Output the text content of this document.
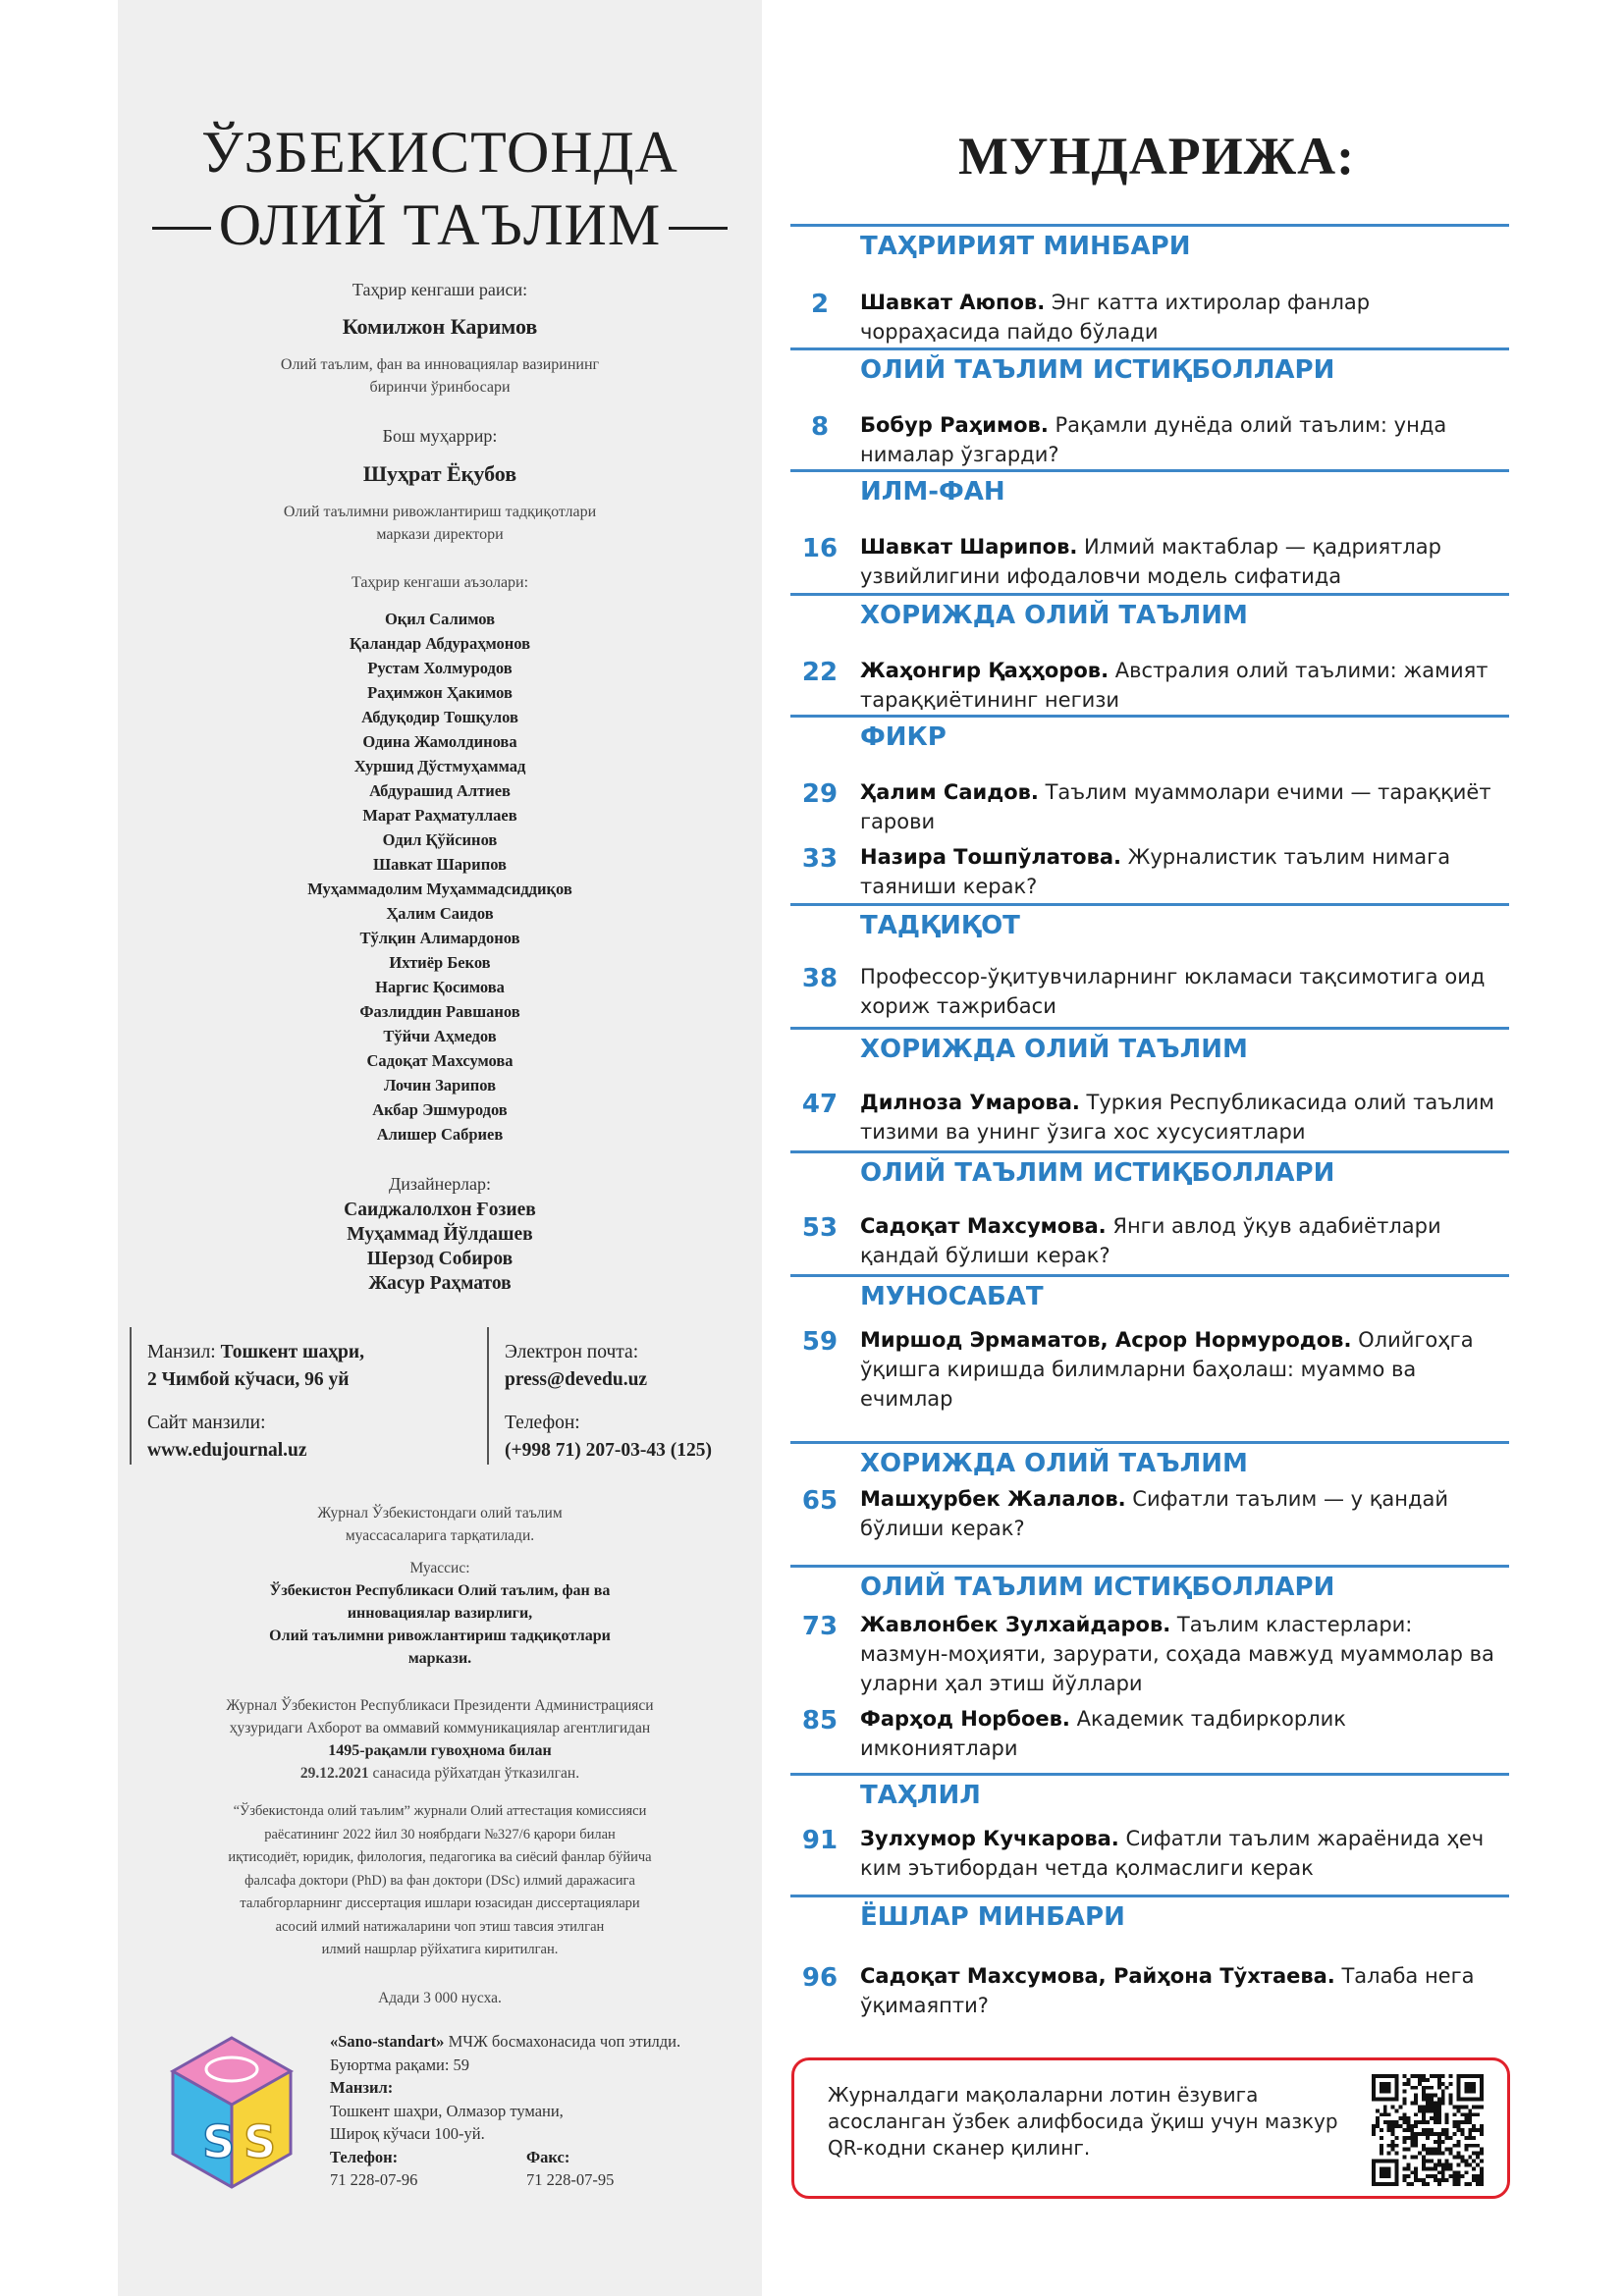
ЎЗБЕКИСТОНДА
ОЛИЙ ТАЪЛИМ
Таҳрир кенгаши раиси:
Комилжон Каримов
Олий таълим, фан ва инновациялар вазирининг
биринчи ўринбосари
Бош муҳаррир:
Шуҳрат Ёқубов
Олий таълимни ривожлантириш тадқиқотлари
маркази директори
Таҳрир кенгаши аъзолари:
Оқил Салимов
Қаландар Абдураҳмонов
Рустам Холмуродов
Раҳимжон Ҳакимов
Абдуқодир Тошқулов
Одина Жамолдинова
Хуршид Дўстмуҳаммад
Абдурашид Алтиев
Марат Раҳматуллаев
Одил Қўйсинов
Шавкат Шарипов
Муҳаммадолим Муҳаммадсиддиқов
Ҳалим Саидов
Тўлқин Алимардонов
Ихтиёр Беков
Наргис Қосимова
Фазлиддин Равшанов
Тўйчи Аҳмедов
Садоқат Махсумова
Лочин Зарипов
Акбар Эшмуродов
Алишер Сабриев
Дизайнерлар:
Саиджалолхон Ғозиев
Муҳаммад Йўлдашев
Шерзод Собиров
Жасур Раҳматов
Манзил: Тошкент шаҳри,
2 Чимбой кўчаси, 96 уй
Сайт манзили:
www.edujournal.uz
Электрон почта:
press@devedu.uz
Телефон:
(+998 71) 207-03-43 (125)
Журнал Ўзбекистондаги олий таълим
муассасаларига тарқатилади.
Муассис:
Ўзбекистон Республикаси Олий таълим, фан ва
инновациялар вазирлиги,
Олий таълимни ривожлантириш тадқиқотлари
маркази.
Журнал Ўзбекистон Республикаси Президенти Администрацияси
ҳузуридаги Ахборот ва оммавий коммуникациялар агентлигидан
1495-рақамли гувоҳнома билан
29.12.2021 санасида рўйхатдан ўтказилган.
“Ўзбекистонда олий таълим” журнали Олий аттестация комиссияси
раёсатининг 2022 йил 30 ноябрдаги №327/6 қарори билан
иқтисодиёт, юридик, филология, педагогика ва сиёсий фанлар бўйича
фалсафа доктори (PhD) ва фан доктори (DSc) илмий даражасига
талабгорларнинг диссертация ишлари юзасидан диссертациялари
асосий илмий натижаларини чоп этиш тавсия этилган
илмий нашрлар рўйхатига киритилган.
Адади 3 000 нусха.
S S
«Sano-standart» МЧЖ босмахонасида чоп этилди.
Буюртма рақами: 59
Манзил:
Тошкент шаҳри, Олмазор тумани,
Широқ кўчаси 100-уй.
Телефон:	Факс:
71 228-07-96	71 228-07-95
МУНДАРИЖА:
ТАҲРИРИЯТ МИНБАРИ
2	Шавкат Аюпов. Энг катта ихтиролар фанлар чорраҳасида пайдо бўлади
ОЛИЙ ТАЪЛИМ ИСТИҚБОЛЛАРИ
8	Бобур Раҳимов. Рақамли дунёда олий таълим: унда нималар ўзгарди?
ИЛМ-ФАН
16	Шавкат Шарипов. Илмий мактаблар — қадриятлар узвийлигини ифодаловчи модель сифатида
ХОРИЖДА ОЛИЙ ТАЪЛИМ
22	Жаҳонгир Қаҳҳоров. Австралия олий таълими: жамият тараққиётининг негизи
ФИКР
29	Ҳалим Саидов. Таълим муаммолари ечими — тараққиёт гарови
33	Назира Тошпўлатова. Журналистик таълим нимага таяниши керак?
ТАДҚИҚОТ
38	Профессор-ўқитувчиларнинг юкламаси тақсимотига оид хориж тажрибаси
ХОРИЖДА ОЛИЙ ТАЪЛИМ
47	Дилноза Умарова. Туркия Республикасида олий таълим тизими ва унинг ўзига хос хусусиятлари
ОЛИЙ ТАЪЛИМ ИСТИҚБОЛЛАРИ
53	Садоқат Махсумова. Янги авлод ўқув адабиётлари қандай бўлиши керак?
МУНОСАБАТ
59	Миршод Эрмаматов, Асрор Нормуродов. Олийгоҳга ўқишга киришда билимларни баҳолаш: муаммо ва ечимлар
ХОРИЖДА ОЛИЙ ТАЪЛИМ
65	Машҳурбек Жалалов. Сифатли таълим — у қандай бўлиши керак?
ОЛИЙ ТАЪЛИМ ИСТИҚБОЛЛАРИ
73	Жавлонбек Зулхайдаров. Таълим кластерлари: мазмун-моҳияти, зарурати, соҳада мавжуд муаммолар ва уларни ҳал этиш йўллари
85	Фарҳод Норбоев. Академик тадбиркорлик имкониятлари
ТАҲЛИЛ
91	Зулхумор Кучкарова. Сифатли таълим жараёнида ҳеч ким эътибордан четда қолмаслиги керак
ЁШЛАР МИНБАРИ
96	Садоқат Махсумова, Райҳона Тўхтаева. Талаба нега ўқимаяпти?
Журналдаги мақолаларни лотин ёзувига асосланган ўзбек алифбосида ўқиш учун мазкур QR-кодни сканер қилинг.
